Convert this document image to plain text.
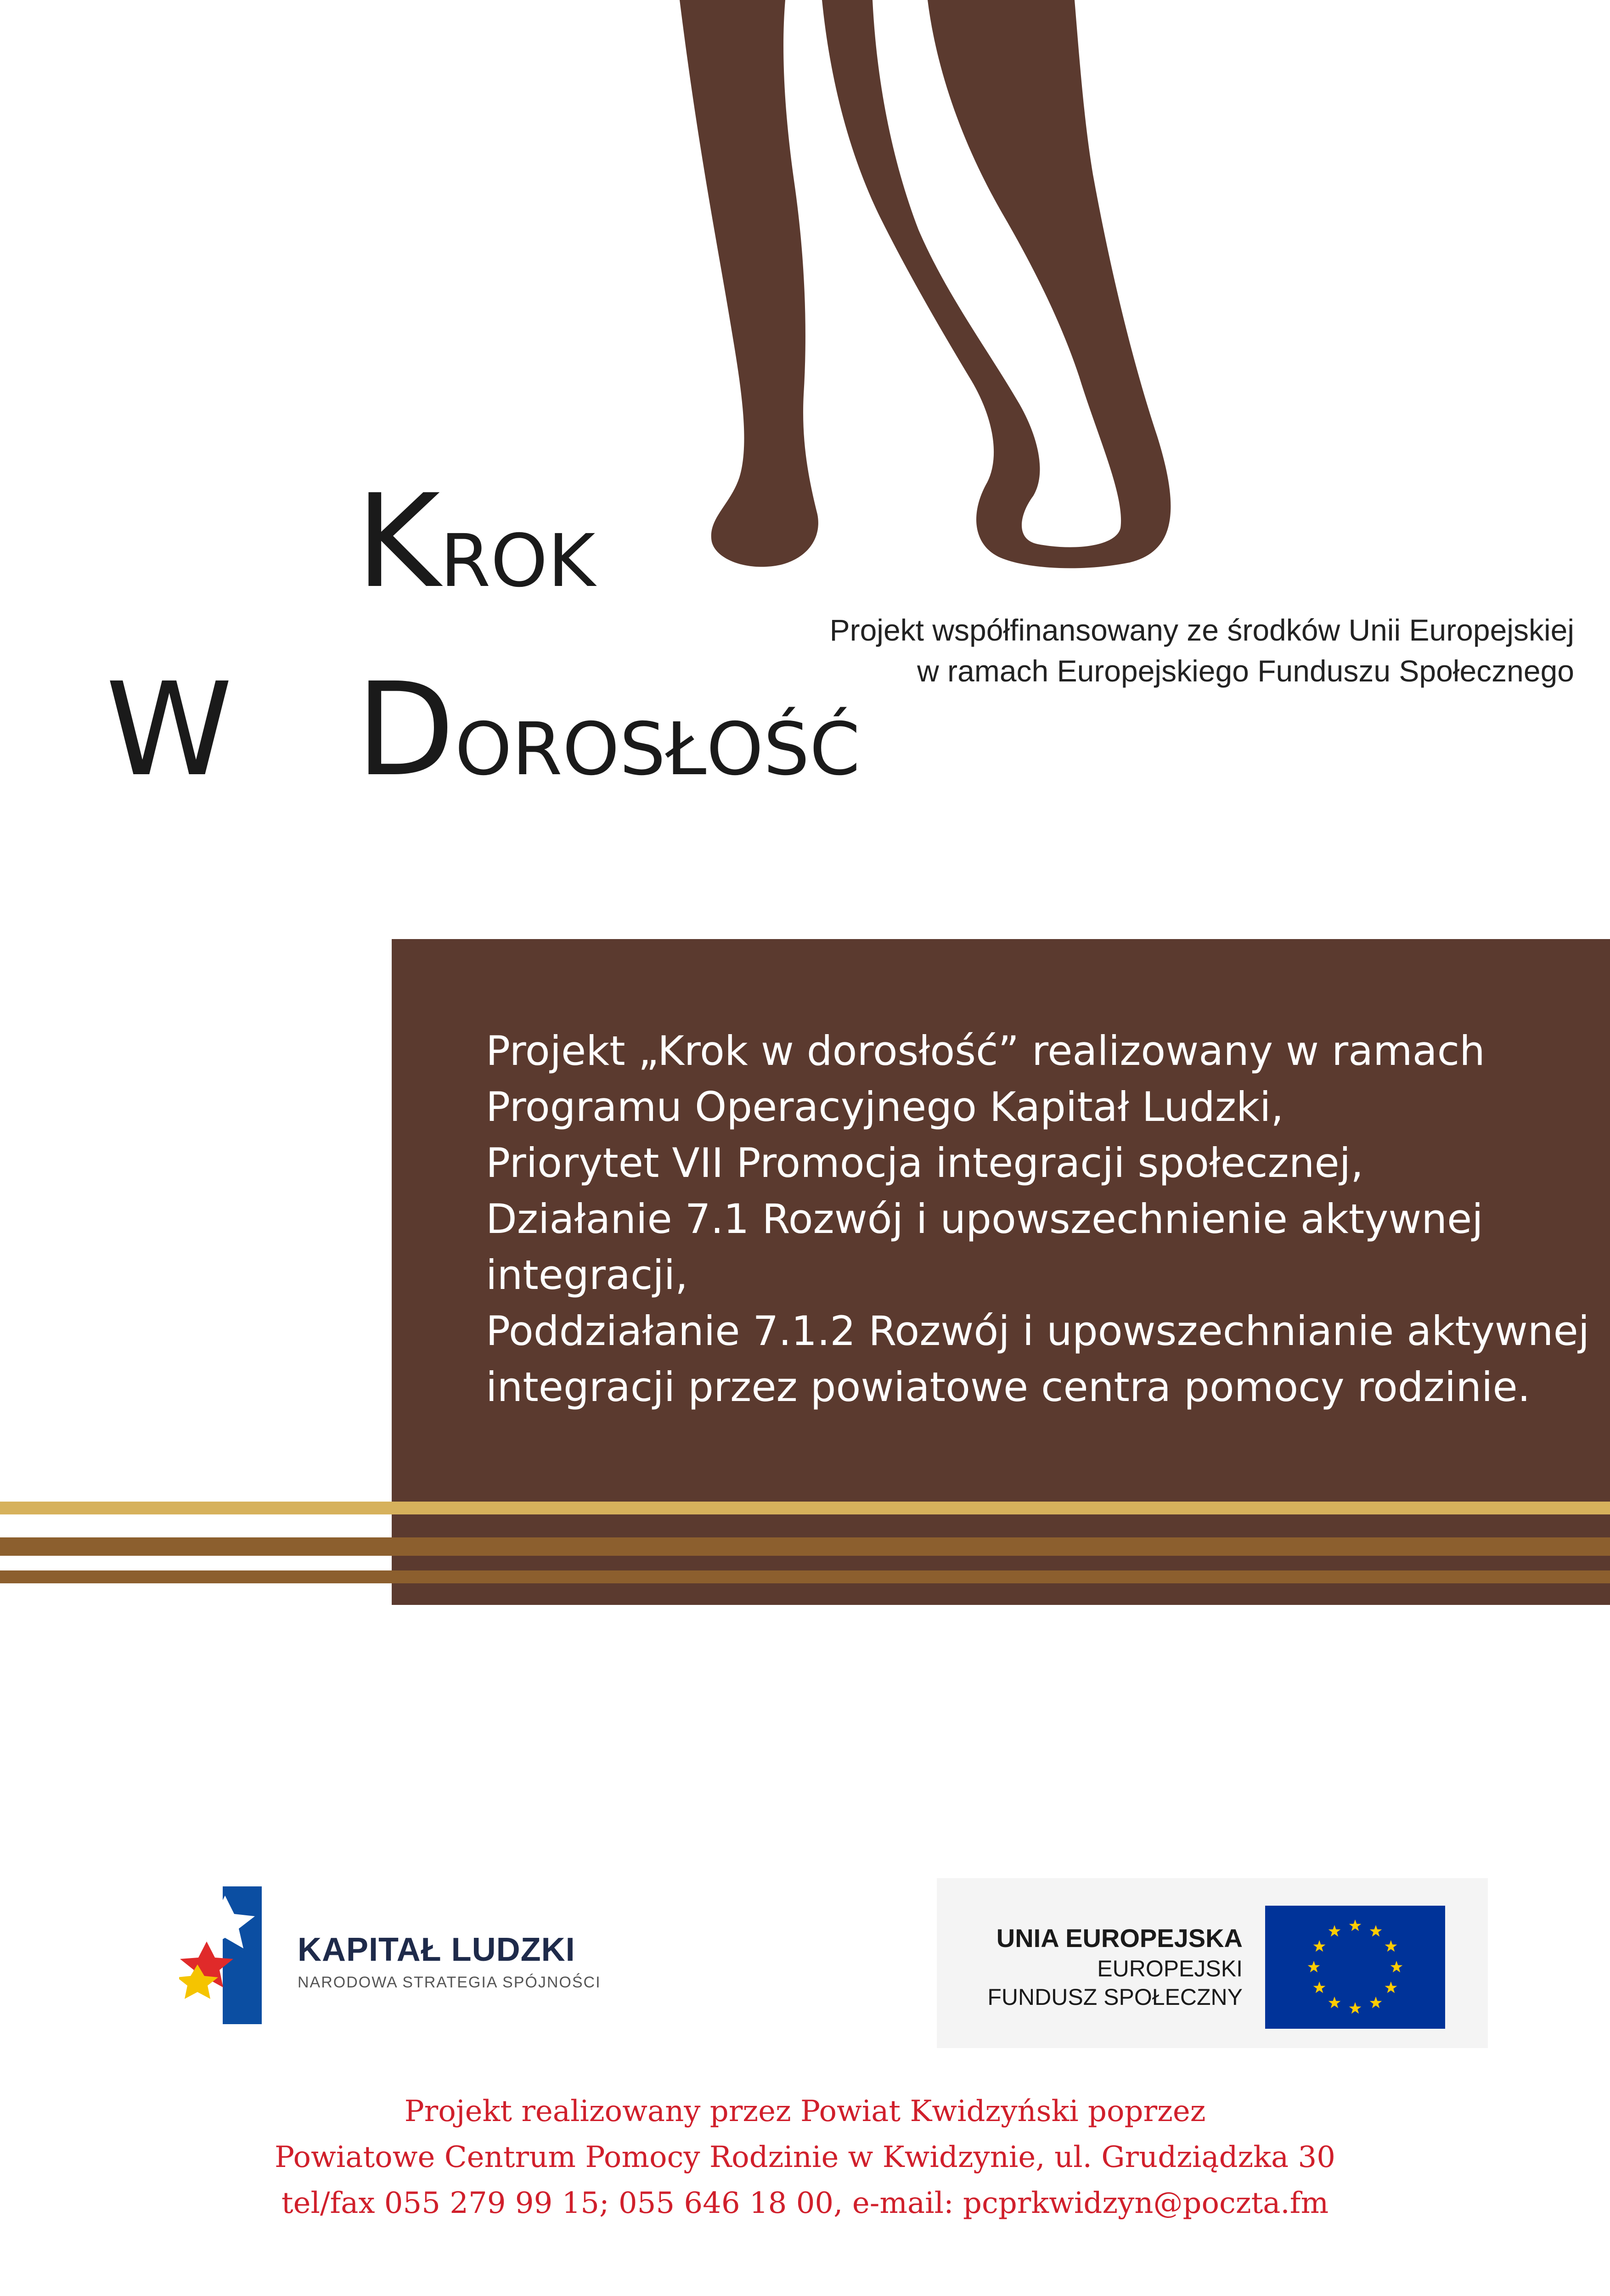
KROK
W DOROSŁOŚĆ
Projekt współfinansowany ze środków Unii Europejskiej
w ramach Europejskiego Funduszu Społecznego
Projekt „Krok w dorosłość” realizowany w ramach
Programu Operacyjnego Kapitał Ludzki,
Priorytet VII Promocja integracji społecznej,
Działanie 7.1 Rozwój i upowszechnienie aktywnej
integracji,
Poddziałanie 7.1.2 Rozwój i upowszechnianie aktywnej
integracji przez powiatowe centra pomocy rodzinie.
KAPITAŁ LUDZKI
NARODOWA STRATEGIA SPÓJNOŚCI
UNIA EUROPEJSKA
EUROPEJSKI
FUNDUSZ SPOŁECZNY
Projekt realizowany przez Powiat Kwidzyński poprzez
Powiatowe Centrum Pomocy Rodzinie w Kwidzynie, ul. Grudziądzka 30
tel/fax 055 279 99 15; 055 646 18 00, e-mail: pcprkwidzyn@poczta.fm
